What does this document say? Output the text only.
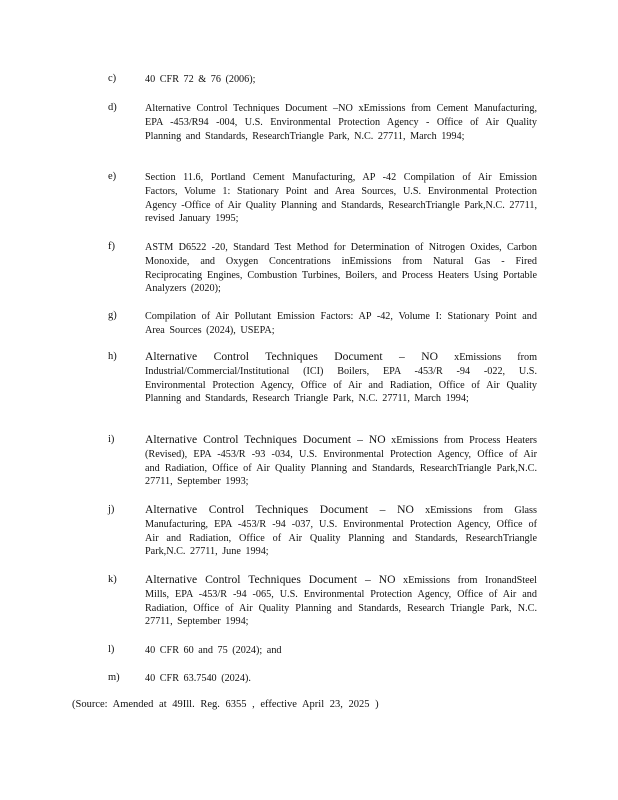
c)	40 CFR 72 & 76 (2006);
d)	Alternative Control Techniques Document –NO xEmissions from Cement Manufacturing, EPA -453/R94 -004, U.S. Environmental Protection Agency - Office of Air Quality Planning and Standards, ResearchTriangle Park, N.C. 27711, March 1994;
e)	Section 11.6, Portland Cement Manufacturing, AP -42 Compilation of Air Emission Factors, Volume 1: Stationary Point and Area Sources, U.S. Environmental Protection Agency -Office of Air Quality Planning and Standards, ResearchTriangle Park,N.C. 27711, revised January 1995;
f)	ASTM D6522 -20, Standard Test Method for Determination of Nitrogen Oxides, Carbon Monoxide, and Oxygen Concentrations inEmissions from Natural Gas - Fired Reciprocating Engines, Combustion Turbines, Boilers, and Process Heaters Using Portable Analyzers (2020);
g)	Compilation of Air Pollutant Emission Factors: AP -42, Volume I: Stationary Point and Area Sources (2024), USEPA;
h) Alternative Control Techniques Document – NO xEmissions from Industrial/Commercial/Institutional (ICI) Boilers, EPA -453/R -94 -022, U.S. Environmental Protection Agency, Office of Air and Radiation, Office of Air Quality Planning and Standards, Research Triangle Park, N.C. 27711, March 1994;
i)	Alternative Control Techniques Document – NO xEmissions from Process Heaters (Revised), EPA -453/R -93 -034, U.S. Environmental Protection Agency, Office of Air and Radiation, Office of Air Quality Planning and Standards, ResearchTriangle Park,N.C. 27711, September 1993;
j)	Alternative Control Techniques Document – NO xEmissions from Glass Manufacturing, EPA -453/R -94 -037, U.S. Environmental Protection Agency, Office of Air and Radiation, Office of Air Quality Planning and Standards, ResearchTriangle Park,N.C. 27711, June 1994;
k) Alternative Control Techniques Document – NO xEmissions from IronandSteel Mills, EPA -453/R -94 -065, U.S. Environmental Protection Agency, Office of Air and Radiation, Office of Air Quality Planning and Standards, Research Triangle Park, N.C. 27711, September 1994;
l)	40 CFR 60 and 75 (2024); and
m) 40 CFR 63.7540 (2024).
(Source: Amended at 49Ill. Reg. 6355 , effective April 23, 2025 )
